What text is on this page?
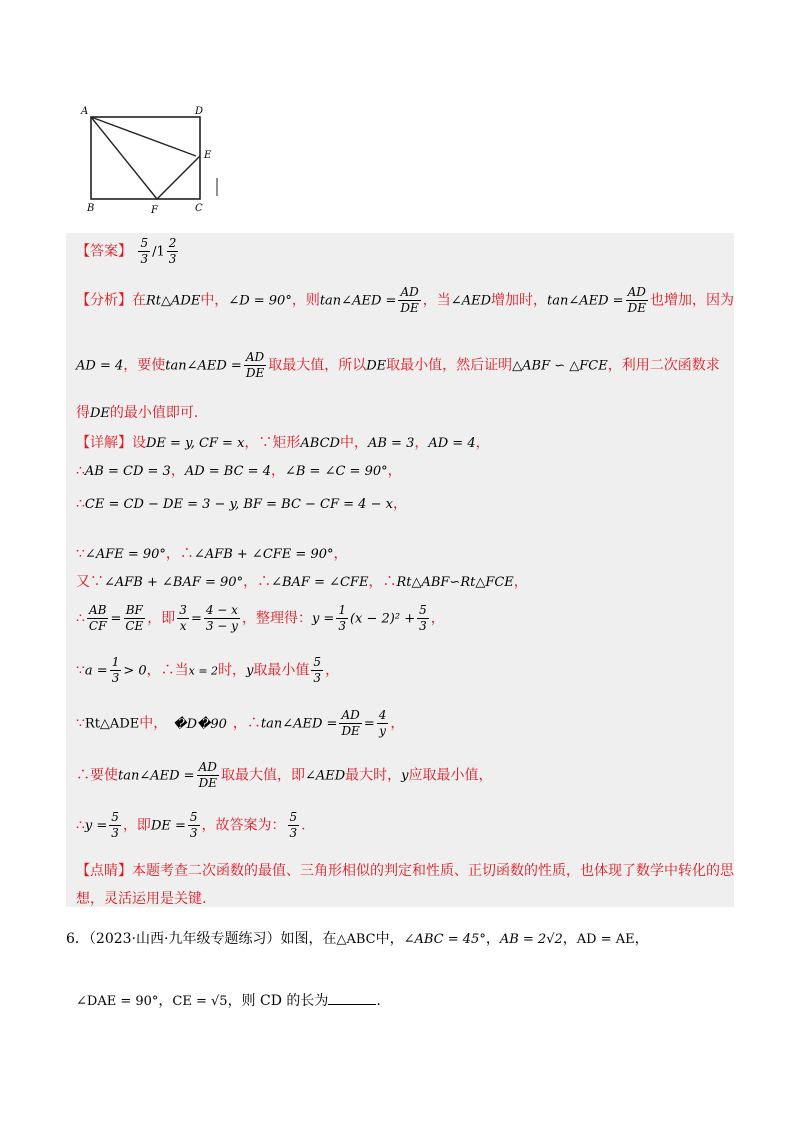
A	D
E
B	F	C
【答案】 $\frac{5}{3} /1 \frac{2}{3}$
【分析】在Rt△ADE中，∠D = 90°，则tan∠AED = $\frac{AD}{DE}$ ，当∠AED增加时，tan∠AED = $\frac{AD}{DE}$ 也增加，因为
AD = 4，要使tan∠AED = $\frac{AD}{DE}$ 取最大值，所以DE取最小值，然后证明△ABF ∽ △FCE，利用二次函数求
得DE的最小值即可.
【详解】设DE = y, CF = x，∵矩形ABCD中，AB = 3，AD = 4，
∴AB = CD = 3，AD = BC = 4，∠B = ∠C = 90°，
∴CE = CD − DE = 3 − y, BF = BC − CF = 4 − x，
∵∠AFE = 90°，∴∠AFB + ∠CFE = 90°，
又∵∠AFB + ∠BAF = 90°，∴∠BAF = ∠CFE，∴Rt△ABF∽Rt△FCE，
∴ $\frac{AB}{CF} = \frac{BF}{CE}$ ，即 $\frac{3}{x} = \frac{4 - x}{3 - y}$ ，整理得：$y = \frac{1}{3} (x - 2)^2 + \frac{5}{3}$ ，
∵a = $\frac{1}{3} > 0$，∴当x = 2时，y取最小值 $\frac{5}{3}$ ，
∵Rt△ADE中， �D�90 ，∴tan∠AED = $\frac{AD}{DE} = \frac{4}{y}$ ，
∴要使tan∠AED = $\frac{AD}{DE}$ 取最大值，即∠AED最大时，y应取最小值，
∴y = $\frac{5}{3}$ ，即DE = $\frac{5}{3}$ ，故答案为： $\frac{5}{3}$ .
【点睛】本题考查二次函数的最值、三角形相似的判定和性质、正切函数的性质，也体现了数学中转化的思
想，灵活运用是关键.
6．（2023·山西·九年级专题练习）如图，在△ABC中，∠ABC = 45°，AB = 2√2，AD = AE，
∠DAE = 90°，CE = √5，则 CD 的长为	.
